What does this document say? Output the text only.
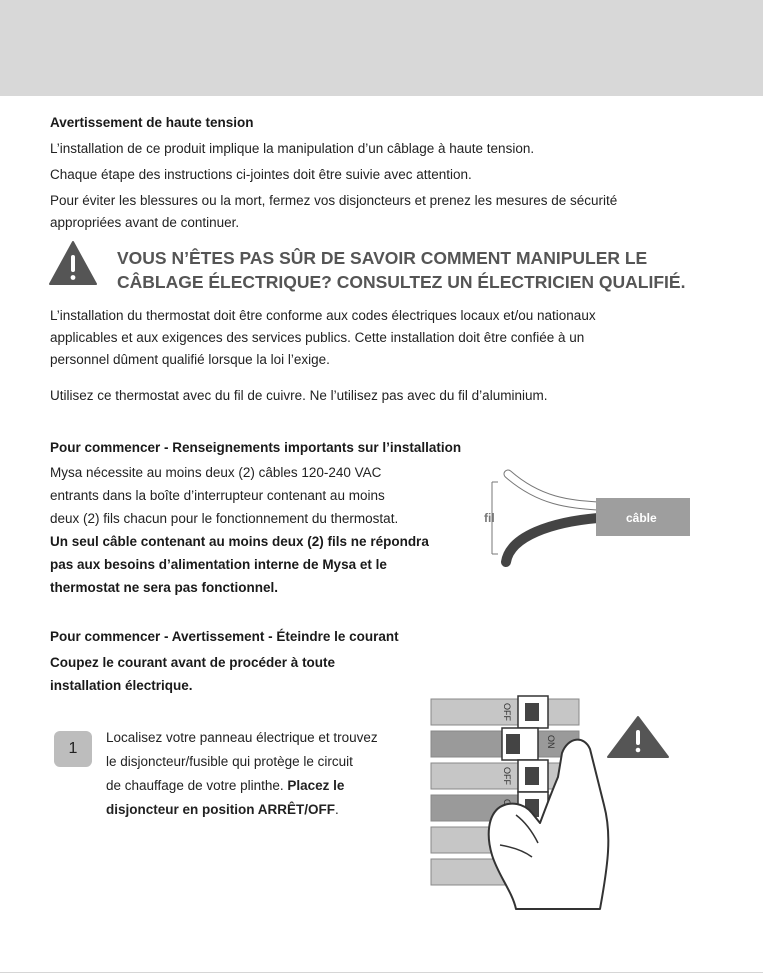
Avertissement de haute tension

L’installation de ce produit implique la manipulation d’un câblage à haute tension.

Chaque étape des instructions ci-jointes doit être suivie avec attention.

Pour éviter les blessures ou la mort, fermez vos disjoncteurs et prenez les mesures de sécurité

appropriées avant de continuer.

VOUS N’ÊTES PAS SÛR DE SAVOIR COMMENT MANIPULER LE
CÂBLAGE ÉLECTRIQUE? CONSULTEZ UN ÉLECTRICIEN QUALIFIÉ.

L’installation du thermostat doit être conforme aux codes électriques locaux et/ou nationaux

applicables et aux exigences des services publics. Cette installation doit être confiée à un

personnel dûment qualifié lorsque la loi l’exige.

Utilisez ce thermostat avec du fil de cuivre. Ne l’utilisez pas avec du fil d’aluminium.

Pour commencer - Renseignements importants sur l’installation

Mysa nécessite au moins deux (2) câbles 120-240 VAC

entrants dans la boîte d’interrupteur contenant au moins

deux (2) fils chacun pour le fonctionnement du thermostat.

Un seul câble contenant au moins deux (2) fils ne répondra

pas aux besoins d’alimentation interne de Mysa et le

thermostat ne sera pas fonctionnel.

fil	câble

Pour commencer - Avertissement - Éteindre le courant

Coupez le courant avant de procéder à toute

installation électrique.

1
Localisez votre panneau électrique et trouvez
le disjoncteur/fusible qui protège le circuit
de chauffage de votre plinthe. Placez le
disjoncteur en position ARRÊT/OFF.
OFF
ON
OFF
